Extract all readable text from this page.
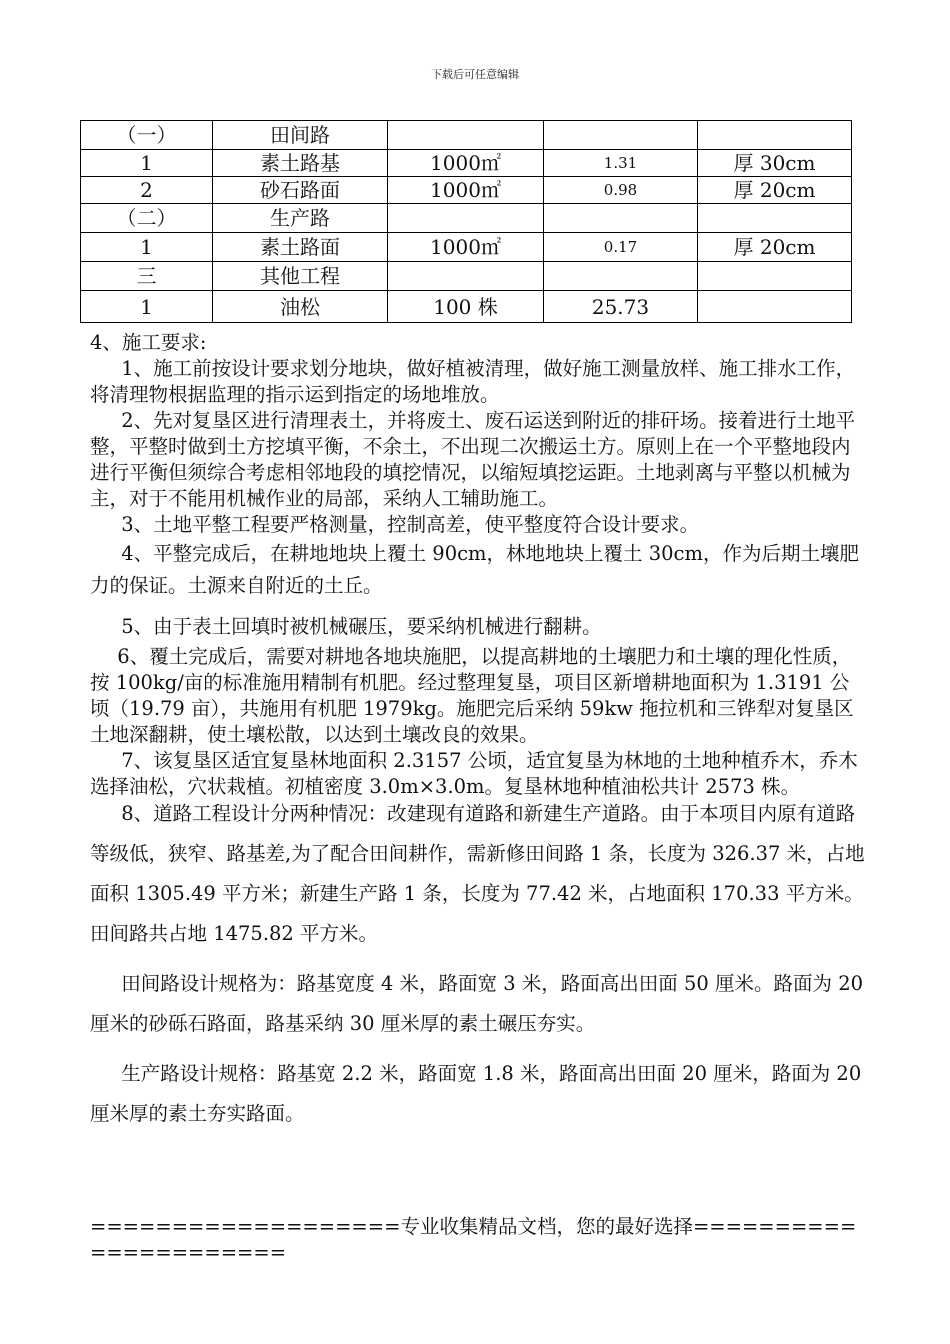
下载后可任意编辑
（一）	田间路			
1	素土路基	1000㎡	1.31	厚 30cm
2	砂石路面	1000㎡	0.98	厚 20cm
（二）	生产路			
1	素土路面	1000㎡	0.17	厚 20cm
三	其他工程			
1	油松	100 株	25.73	

4、施工要求:

1、施工前按设计要求划分地块，做好植被清理，做好施工测量放样、施工排水工作，将清理物根据监理的指示运到指定的场地堆放。

2、先对复垦区进行清理表土，并将废土、废石运送到附近的排矸场。接着进行土地平整，平整时做到土方挖填平衡，不余土，不出现二次搬运土方。原则上在一个平整地段内进行平衡但须综合考虑相邻地段的填挖情况，以缩短填挖运距。土地剥离与平整以机械为主，对于不能用机械作业的局部，采纳人工辅助施工。

3、土地平整工程要严格测量，控制高差，使平整度符合设计要求。

4、平整完成后，在耕地地块上覆土 90cm，林地地块上覆土 30cm，作为后期土壤肥力的保证。土源来自附近的土丘。

5、由于表土回填时被机械碾压，要采纳机械进行翻耕。

6、覆土完成后，需要对耕地各地块施肥，以提高耕地的土壤肥力和土壤的理化性质，按 100kg/亩的标准施用精制有机肥。经过整理复垦，项目区新增耕地面积为 1.3191 公顷（19.79 亩），共施用有机肥 1979kg。施肥完后采纳 59kw 拖拉机和三铧犁对复垦区土地深翻耕，使土壤松散，以达到土壤改良的效果。

7、该复垦区适宜复垦林地面积 2.3157 公顷，适宜复垦为林地的土地种植乔木，乔木选择油松，穴状栽植。初植密度 3.0m×3.0m。复垦林地种植油松共计 2573 株。

8、道路工程设计分两种情况：改建现有道路和新建生产道路。由于本项目内原有道路等级低，狭窄、路基差,为了配合田间耕作，需新修田间路 1 条，长度为 326.37 米，占地面积 1305.49 平方米；新建生产路 1 条，长度为 77.42 米，占地面积 170.33 平方米。田间路共占地 1475.82 平方米。

田间路设计规格为：路基宽度 4 米，路面宽 3 米，路面高出田面 50 厘米。路面为 20 厘米的砂砾石路面，路基采纳 30 厘米厚的素土碾压夯实。

生产路设计规格：路基宽 2.2 米，路面宽 1.8 米，路面高出田面 20 厘米，路面为 20 厘米厚的素土夯实路面。

===================专业收集精品文档，您的最好选择======================
